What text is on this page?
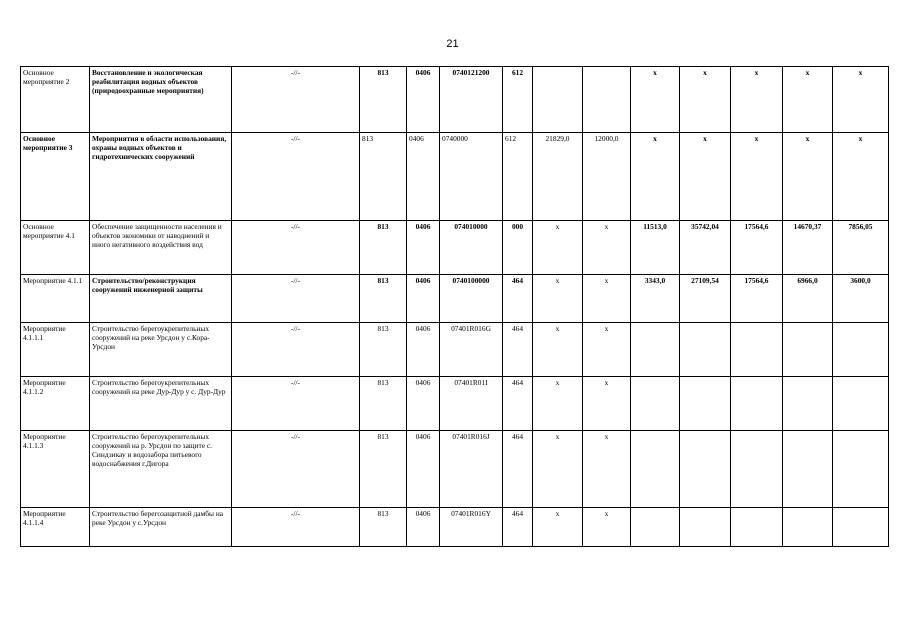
21
Основное мероприятие 2	Восстановление и экологическая реабилитация водных объектов (природоохранные мероприятия)	-//-	813	0406	0740121200	612			х	х	х	х	х
Основное мероприятие 3	Мероприятия в области использования, охраны водных объектов и гидротехнических сооружений	-//-	813	0406	0740000	612	21829,0	12000,0	х	х	х	х	х
Основное мероприятие 4.1	Обеспечение защищенности населения и объектов экономики от наводнений и иного негативного воздействия вод	-//-	813	0406	074010000	000	х	х	11513,0	35742,04	17564,6	14670,37	7856,05
Мероприятие 4.1.1	Строительство/реконструкция сооружений инженерной защиты	-//-	813	0406	0740100000	464	х	х	3343,0	27109,54	17564,6	6966,0	3600,0
Мероприятие 4.1.1.1	Строительство берегоукрепительных сооружений на реке Урсдон у с.Кора-Урсдон	-//-	813	0406	07401R016G	464	х	х					
Мероприятие 4.1.1.2	Строительство берегоукрепительных сооружений на реке Дур-Дур у с. Дур-Дур	-//-	813	0406	07401R01I	464	х	х					
Мероприятие 4.1.1.3	Строительство берегоукрепительных сооружений на р. Урсдон по защите с. Синдзикау и водозабора питьевого водоснабжения г.Дигора	-//-	813	0406	07401R016J	464	х	х					
Мероприятие 4.1.1.4	Строительство берегозащитной дамбы на реке Урсдон у с.Урсдон	-//-	813	0406	07401R016Y	464	х	х					
